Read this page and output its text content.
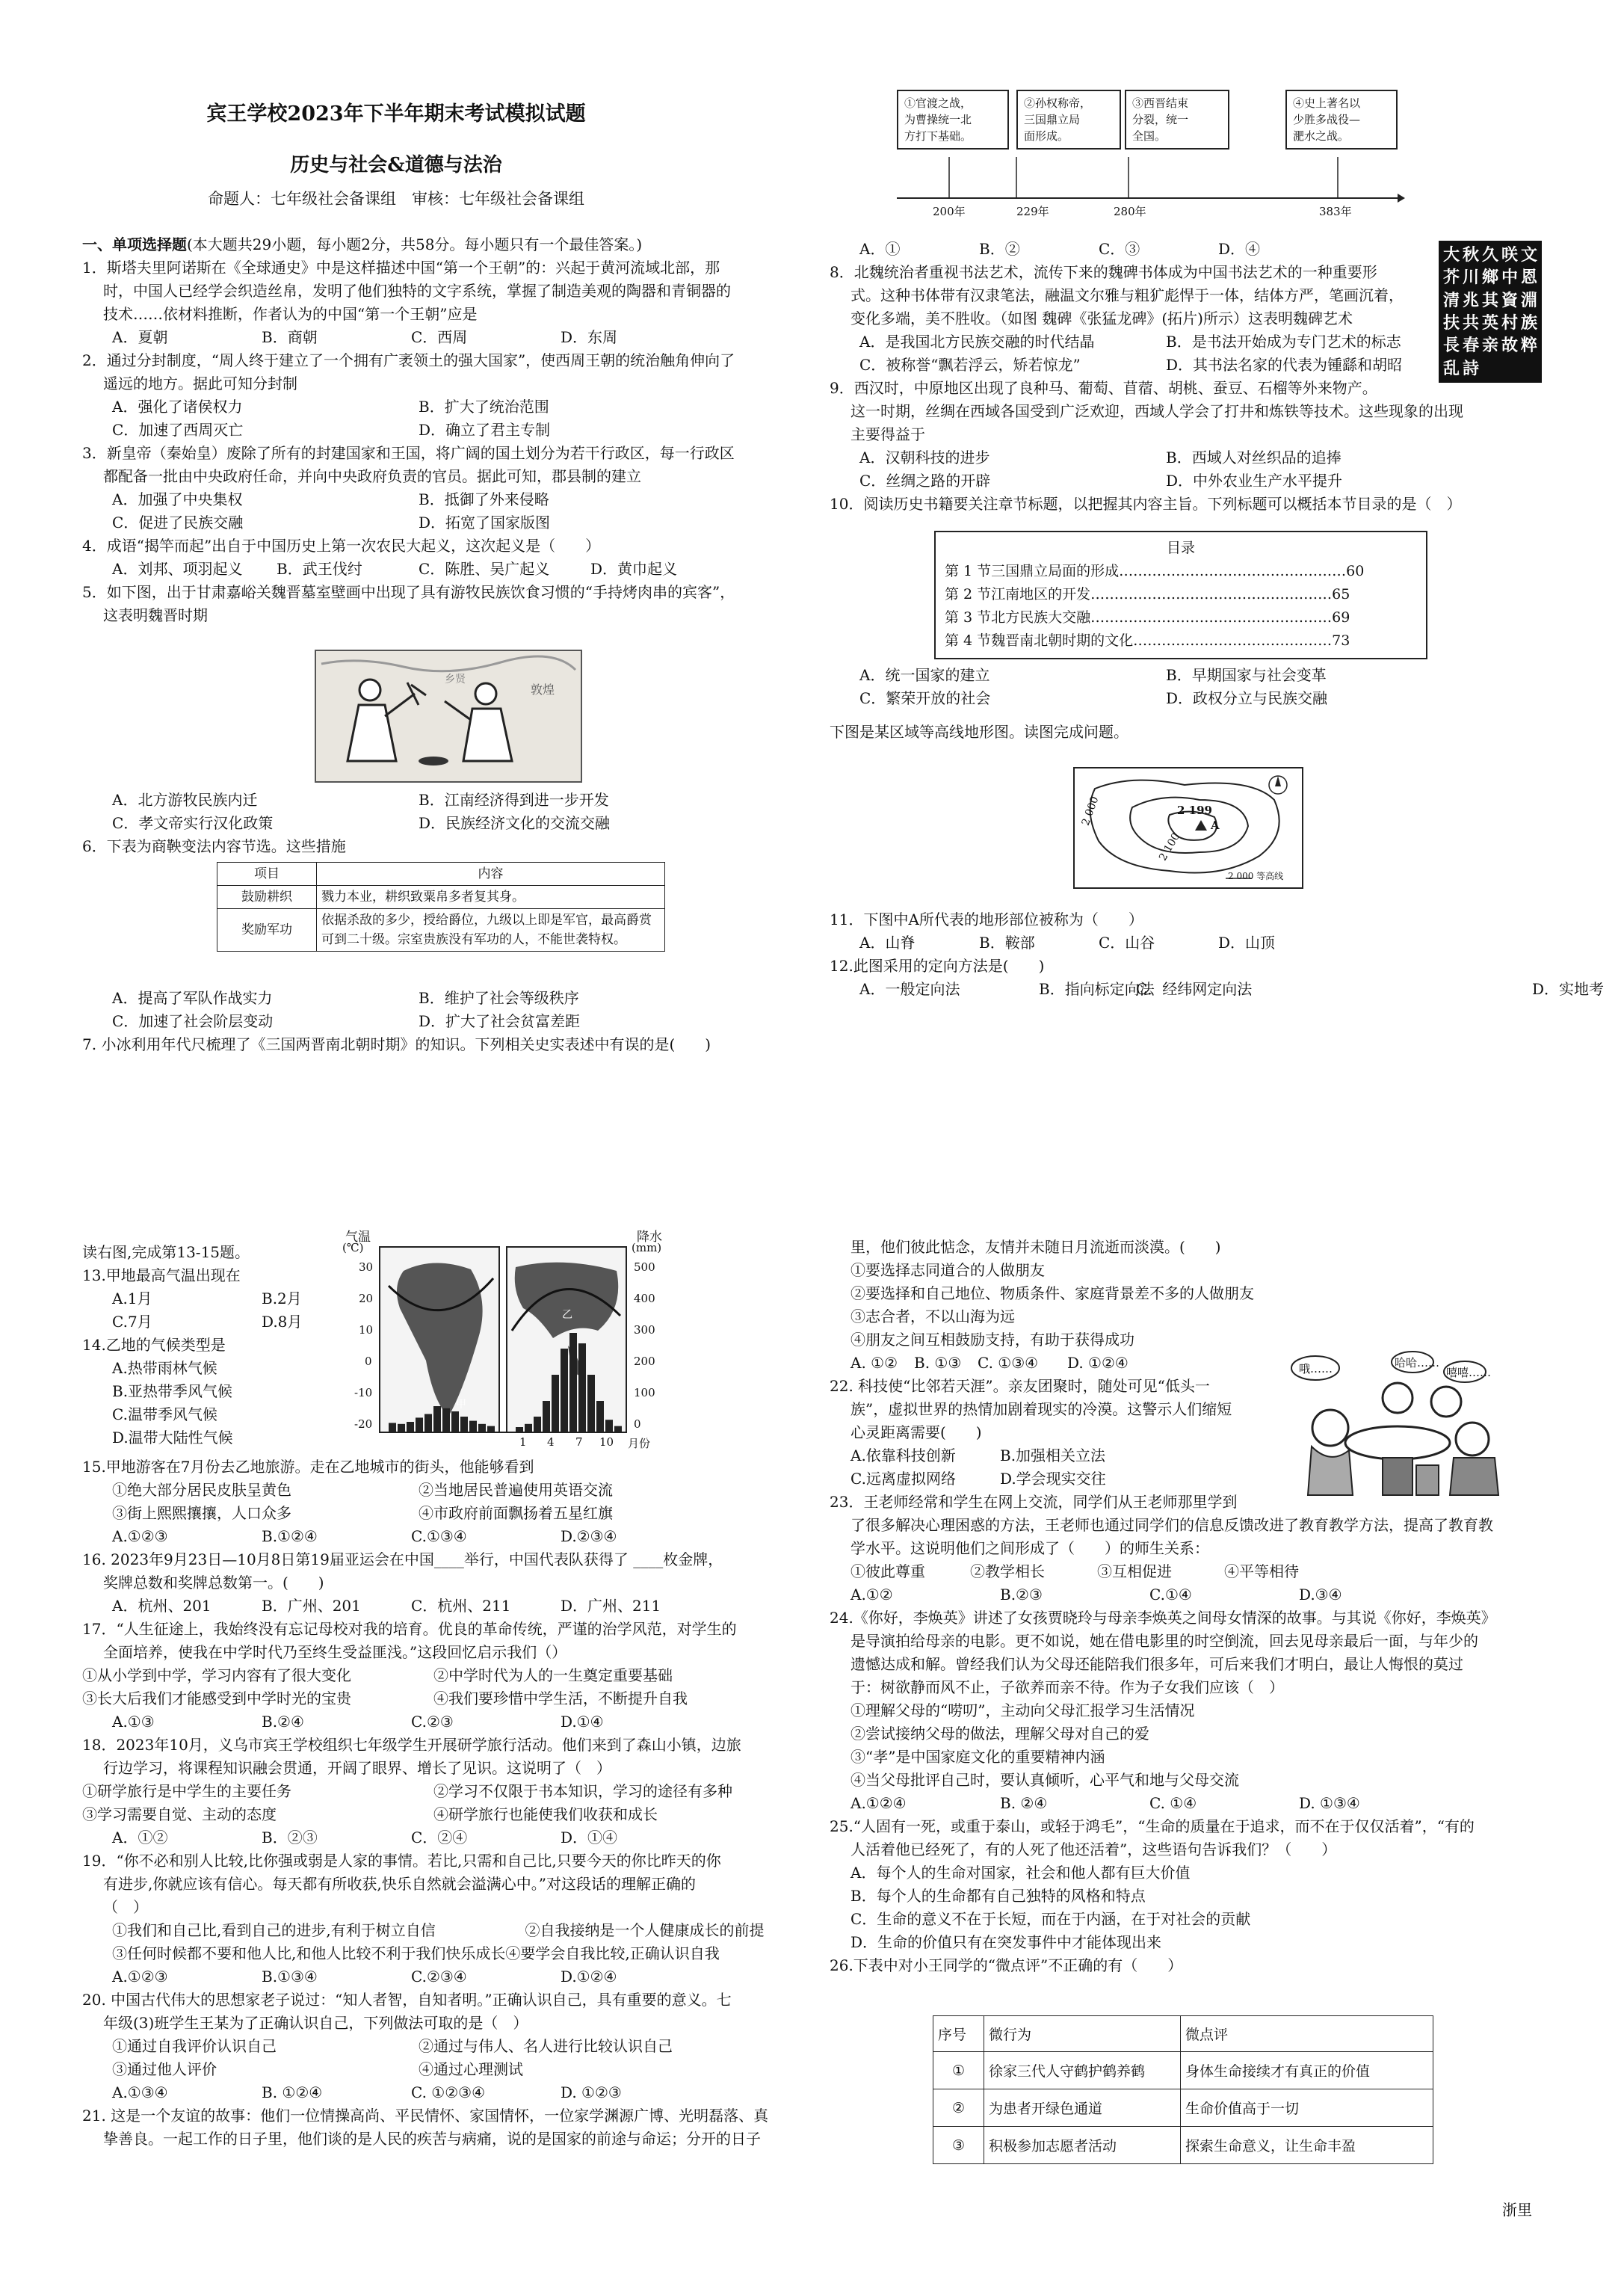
宾王学校2023年下半年期末考试模拟试题
历史与社会&道德与法治
命题人：七年级社会备课组　审核：七年级社会备课组

一、单项选择题(本大题共29小题，每小题2分，共58分。每小题只有一个最佳答案。)

1．斯塔夫里阿诺斯在《全球通史》中是这样描述中国“第一个王朝”的：兴起于黄河流域北部，那

时，中国人已经学会织造丝帛，发明了他们独特的文字系统，掌握了制造美观的陶器和青铜器的

技术……依材料推断，作者认为的中国“第一个王朝”应是

A．夏朝	B．商朝	C．西周	D．东周

2．通过分封制度，“周人终于建立了一个拥有广袤领土的强大国家”，使西周王朝的统治触角伸向了

遥远的地方。据此可知分封制

A．强化了诸侯权力	B．扩大了统治范围

C．加速了西周灭亡	D．确立了君主专制

3．新皇帝（秦始皇）废除了所有的封建国家和王国，将广阔的国土划分为若干行政区，每一行政区

都配备一批由中央政府任命，并向中央政府负责的官员。据此可知，郡县制的建立

A．加强了中央集权	B．抵御了外来侵略

C．促进了民族交融	D．拓宽了国家版图

4．成语“揭竿而起”出自于中国历史上第一次农民大起义，这次起义是（　　）

A．刘邦、项羽起义	B．武王伐纣	C．陈胜、吴广起义	D．黄巾起义

5．如下图，出于甘肃嘉峪关魏晋墓室壁画中出现了具有游牧民族饮食习惯的“手持烤肉串的宾客”，

这表明魏晋时期

敦煌
乡贤

A．北方游牧民族内迁	B．江南经济得到进一步开发

C．孝文帝实行汉化政策	D．民族经济文化的交流交融

6．下表为商鞅变法内容节选。这些措施

项目	内容
鼓励耕织	戮力本业，耕织致粟帛多者复其身。
奖励军功	依据杀敌的多少，授给爵位，九级以上即是军官，最高爵赏可到二十级。宗室贵族没有军功的人，不能世袭特权。

A．提高了军队作战实力	B．维护了社会等级秩序

C．加速了社会阶层变动	D．扩大了社会贫富差距

7. 小冰利用年代尺梳理了《三国两晋南北朝时期》的知识。下列相关史实表述中有误的是(　　)

①官渡之战，
为曹操统一北
方打下基础。
②孙权称帝，
三国鼎立局
面形成。
③西晋结束
分裂，统一
全国。
④史上著名以
少胜多战役—
淝水之战。
200年	229年	280年	383年

A．①	B．②	C．③	D．④

8．北魏统治者重视书法艺术，流传下来的魏碑书体成为中国书法艺术的一种重要形

式。这种书体带有汉隶笔法，融温文尔雅与粗犷彪悍于一体，结体方严，笔画沉着，

变化多端，美不胜收。（如图 魏碑《张猛龙碑》(拓片)所示）这表明魏碑艺术

A．是我国北方民族交融的时代结晶	B．是书法开始成为专门艺术的标志

C．被称誉“飘若浮云，矫若惊龙”	D．其书法名家的代表为锺繇和胡昭

9．西汉时，中原地区出现了良种马、葡萄、苜蓿、胡桃、蚕豆、石榴等外来物产。

这一时期，丝绸在西域各国受到广泛欢迎，西域人学会了打井和炼铁等技术。这些现象的出现

主要得益于

A．汉朝科技的进步	B．西域人对丝织品的追捧

C．丝绸之路的开辟	D．中外农业生产水平提升

10．阅读历史书籍要关注章节标题，以把握其内容主旨。下列标题可以概括本节目录的是（　）

大 秋 久 咲 文
芥 川 鄉 中 恩
清 兆 其 資 淵
扶 共 英 村 族
長 春 亲 故 粹
乱 詩
目录
第 1 节三国鼎立局面的形成…………………………………………60
第 2 节江南地区的开发……………………………………………65
第 3 节北方民族大交融……………………………………………69
第 4 节魏晋南北朝时期的文化……………………………………73

A．统一国家的建立	B．早期国家与社会变革

C．繁荣开放的社会	D．政权分立与民族交融

下图是某区域等高线地形图。读图完成问题。

2 000
2 100
2 199
A
2 000 等高线

11．下图中A所代表的地形部位被称为（　　）

A．山脊	B．鞍部	C．山谷	D．山顶

12.此图采用的定向方法是(　　)

A．一般定向法	B．指向标定向法
C．经纬网定向法	D．实地考

读右图,完成第13-15题。

13.甲地最高气温出现在

A.1月	B.2月

C.7月	D.8月

14.乙地的气候类型是

A.热带雨林气候

B.亚热带季风气候

C.温带季风气候

D.温带大陆性气候

气温
(℃)
降水
(mm)
30
20
10
0
-10
-20
500
400
300
200
100
0
1 4 7 10 月份
甲
乙

15.甲地游客在7月份去乙地旅游。走在乙地城市的街头，他能够看到

①绝大部分居民皮肤呈黄色	②当地居民普遍使用英语交流

③街上熙熙攘攘，人口众多	④市政府前面飘扬着五星红旗

A.①②③	B.①②④	C.①③④	D.②③④

16. 2023年9月23日—10月8日第19届亚运会在中国____举行，中国代表队获得了 ____枚金牌，

奖牌总数和奖牌总数第一。(　　)

A．杭州、201	B．广州、201	C．杭州、211	D．广州、211

17．“人生征途上，我始终没有忘记母校对我的培育。优良的革命传统，严谨的治学风范，对学生的

全面培养，使我在中学时代乃至终生受益匪浅。”这段回忆启示我们（）

①从小学到中学，学习内容有了很大变化	②中学时代为人的一生奠定重要基础

③长大后我们才能感受到中学时光的宝贵	④我们要珍惜中学生活，不断提升自我

A.①③	B.②④	C.②③	D.①④

18．2023年10月，义乌市宾王学校组织七年级学生开展研学旅行活动。他们来到了森山小镇，边旅

行边学习，将课程知识融会贯通，开阔了眼界、增长了见识。这说明了（　）

①研学旅行是中学生的主要任务	②学习不仅限于书本知识，学习的途径有多种

③学习需要自觉、主动的态度	④研学旅行也能使我们收获和成长

A．①②	B．②③	C．②④	D．①④

19．“你不必和别人比较,比你强或弱是人家的事情。若比,只需和自己比,只要今天的你比昨天的你

有进步,你就应该有信心。每天都有所收获,快乐自然就会溢满心中。”对这段话的理解正确的

（　）

①我们和自己比,看到自己的进步,有利于树立自信	②自我接纳是一个人健康成长的前提

③任何时候都不要和他人比,和他人比较不利于我们快乐成长④要学会自我比较,正确认识自我

A.①②③	B.①③④	C.②③④	D.①②④

20. 中国古代伟大的思想家老子说过：“知人者智，自知者明。”正确认识自己，具有重要的意义。七

年级(3)班学生王某为了正确认识自己，下列做法可取的是（　）

①通过自我评价认识自己	②通过与伟人、名人进行比较认识自己

③通过他人评价	④通过心理测试

A.①③④	B. ①②④	C. ①②③④	D. ①②③

21. 这是一个友谊的故事：他们一位情操高尚、平民情怀、家国情怀，一位家学渊源广博、光明磊落、真

挚善良。一起工作的日子里，他们谈的是人民的疾苦与病痛，说的是国家的前途与命运；分开的日子

里，他们彼此惦念，友情并未随日月流逝而淡漠。(　　)

①要选择志同道合的人做朋友

②要选择和自己地位、物质条件、家庭背景差不多的人做朋友

③志合者，不以山海为远

④朋友之间互相鼓励支持，有助于获得成功

A. ①②	B. ①③	C. ①③④	D. ①②④

22. 科技使“比邻若天涯”。亲友团聚时，随处可见“低头一

族”，虚拟世界的热情加剧着现实的冷漠。这警示人们缩短

心灵距离需要(　　)

A.依靠科技创新	B.加强相关立法

C.远离虚拟网络	D.学会现实交往

23．王老师经常和学生在网上交流，同学们从王老师那里学到

了很多解决心理困惑的方法，王老师也通过同学们的信息反馈改进了教育教学方法，提高了教育教

学水平。这说明他们之间形成了（　　）的师生关系：

①彼此尊重	②教学相长	③互相促进	④平等相待

A.①②	B.②③	C.①④	D.③④

24.《你好，李焕英》讲述了女孩贾晓玲与母亲李焕英之间母女情深的故事。与其说《你好，李焕英》

是导演拍给母亲的电影。更不如说，她在借电影里的时空倒流，回去见母亲最后一面，与年少的

遗憾达成和解。曾经我们认为父母还能陪我们很多年，可后来我们才明白，最让人悔恨的莫过

于：树欲静而风不止，子欲养而亲不待。作为子女我们应该（　）

①理解父母的“唠叨”，主动向父母汇报学习生活情况

②尝试接纳父母的做法，理解父母对自己的爱

③“孝”是中国家庭文化的重要精神内涵

④当父母批评自己时，要认真倾听，心平气和地与父母交流

A.①②④	B. ②④	C. ①④	D. ①③④

25.“人固有一死，或重于泰山，或轻于鸿毛”，“生命的质量在于追求，而不在于仅仅活着”，“有的

人活着他已经死了，有的人死了他还活着”，这些语句告诉我们？（　　）

A．每个人的生命对国家，社会和他人都有巨大价值

B．每个人的生命都有自己独特的风格和特点

C．生命的意义不在于长短，而在于内涵，在于对社会的贡献

D．生命的价值只有在突发事件中才能体现出来

26.下表中对小王同学的“微点评”不正确的有（　　）

哦……	哈哈……
嘻嘻……
序号	微行为	微点评
①	徐家三代人守鹤护鹤养鹤	身体生命接续才有真正的价值
②	为患者开绿色通道	生命价值高于一切
③	积极参加志愿者活动	探索生命意义，让生命丰盈
浙里
